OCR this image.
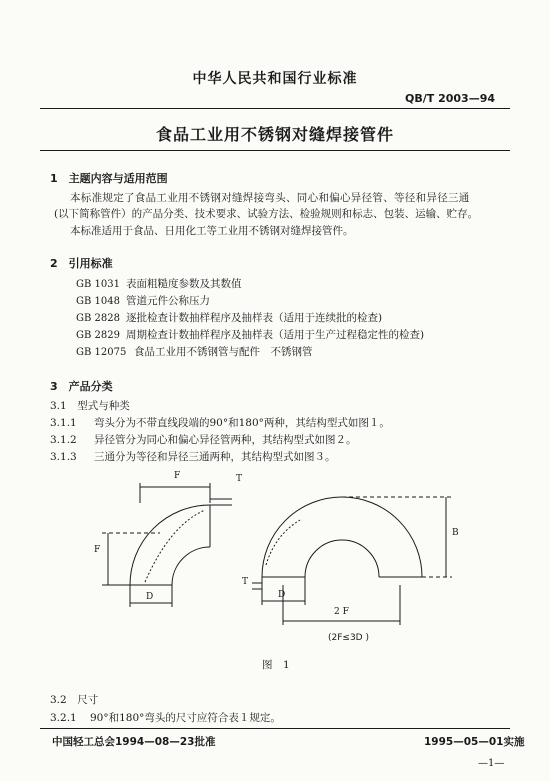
中华人民共和国行业标准
QB/T 2003—94
食品工业用不锈钢对缝焊接管件
1　主题内容与适用范围
本标准规定了食品工业用不锈钢对缝焊接弯头、同心和偏心异径管、等径和异径三通
(以下简称管件）的产品分类、技术要求、试验方法、检验规则和标志、包装、运输、贮存。
本标准适用于食品、日用化工等工业用不锈钢对缝焊接管件。
2　引用标准
GB 1031 表面粗糙度参数及其数值
GB 1048 管道元件公称压力
GB 2828 逐批检查计数抽样程序及抽样表（适用于连续批的检查)
GB 2829 周期检查计数抽样程序及抽样表（适用于生产过程稳定性的检查)
GB 12075 食品工业用不锈钢管与配件　不锈钢管
3　产品分类
3.1　型式与种类
3.1.1 弯头分为不带直线段端的90°和180°两种，其结构型式如图１。
3.1.2 异径管分为同心和偏心异径管两种，其结构型式如图２。
3.1.3 三通分为等径和异径三通两种，其结构型式如图３。
F	T
F
D
B
T
D
2 F
(2F≤3D )
图　1
3.2　尺寸
3.2.1 90°和180°弯头的尺寸应符合表１规定。
中国轻工总会1994—08—23批准	1995—05—01实施
—1—
